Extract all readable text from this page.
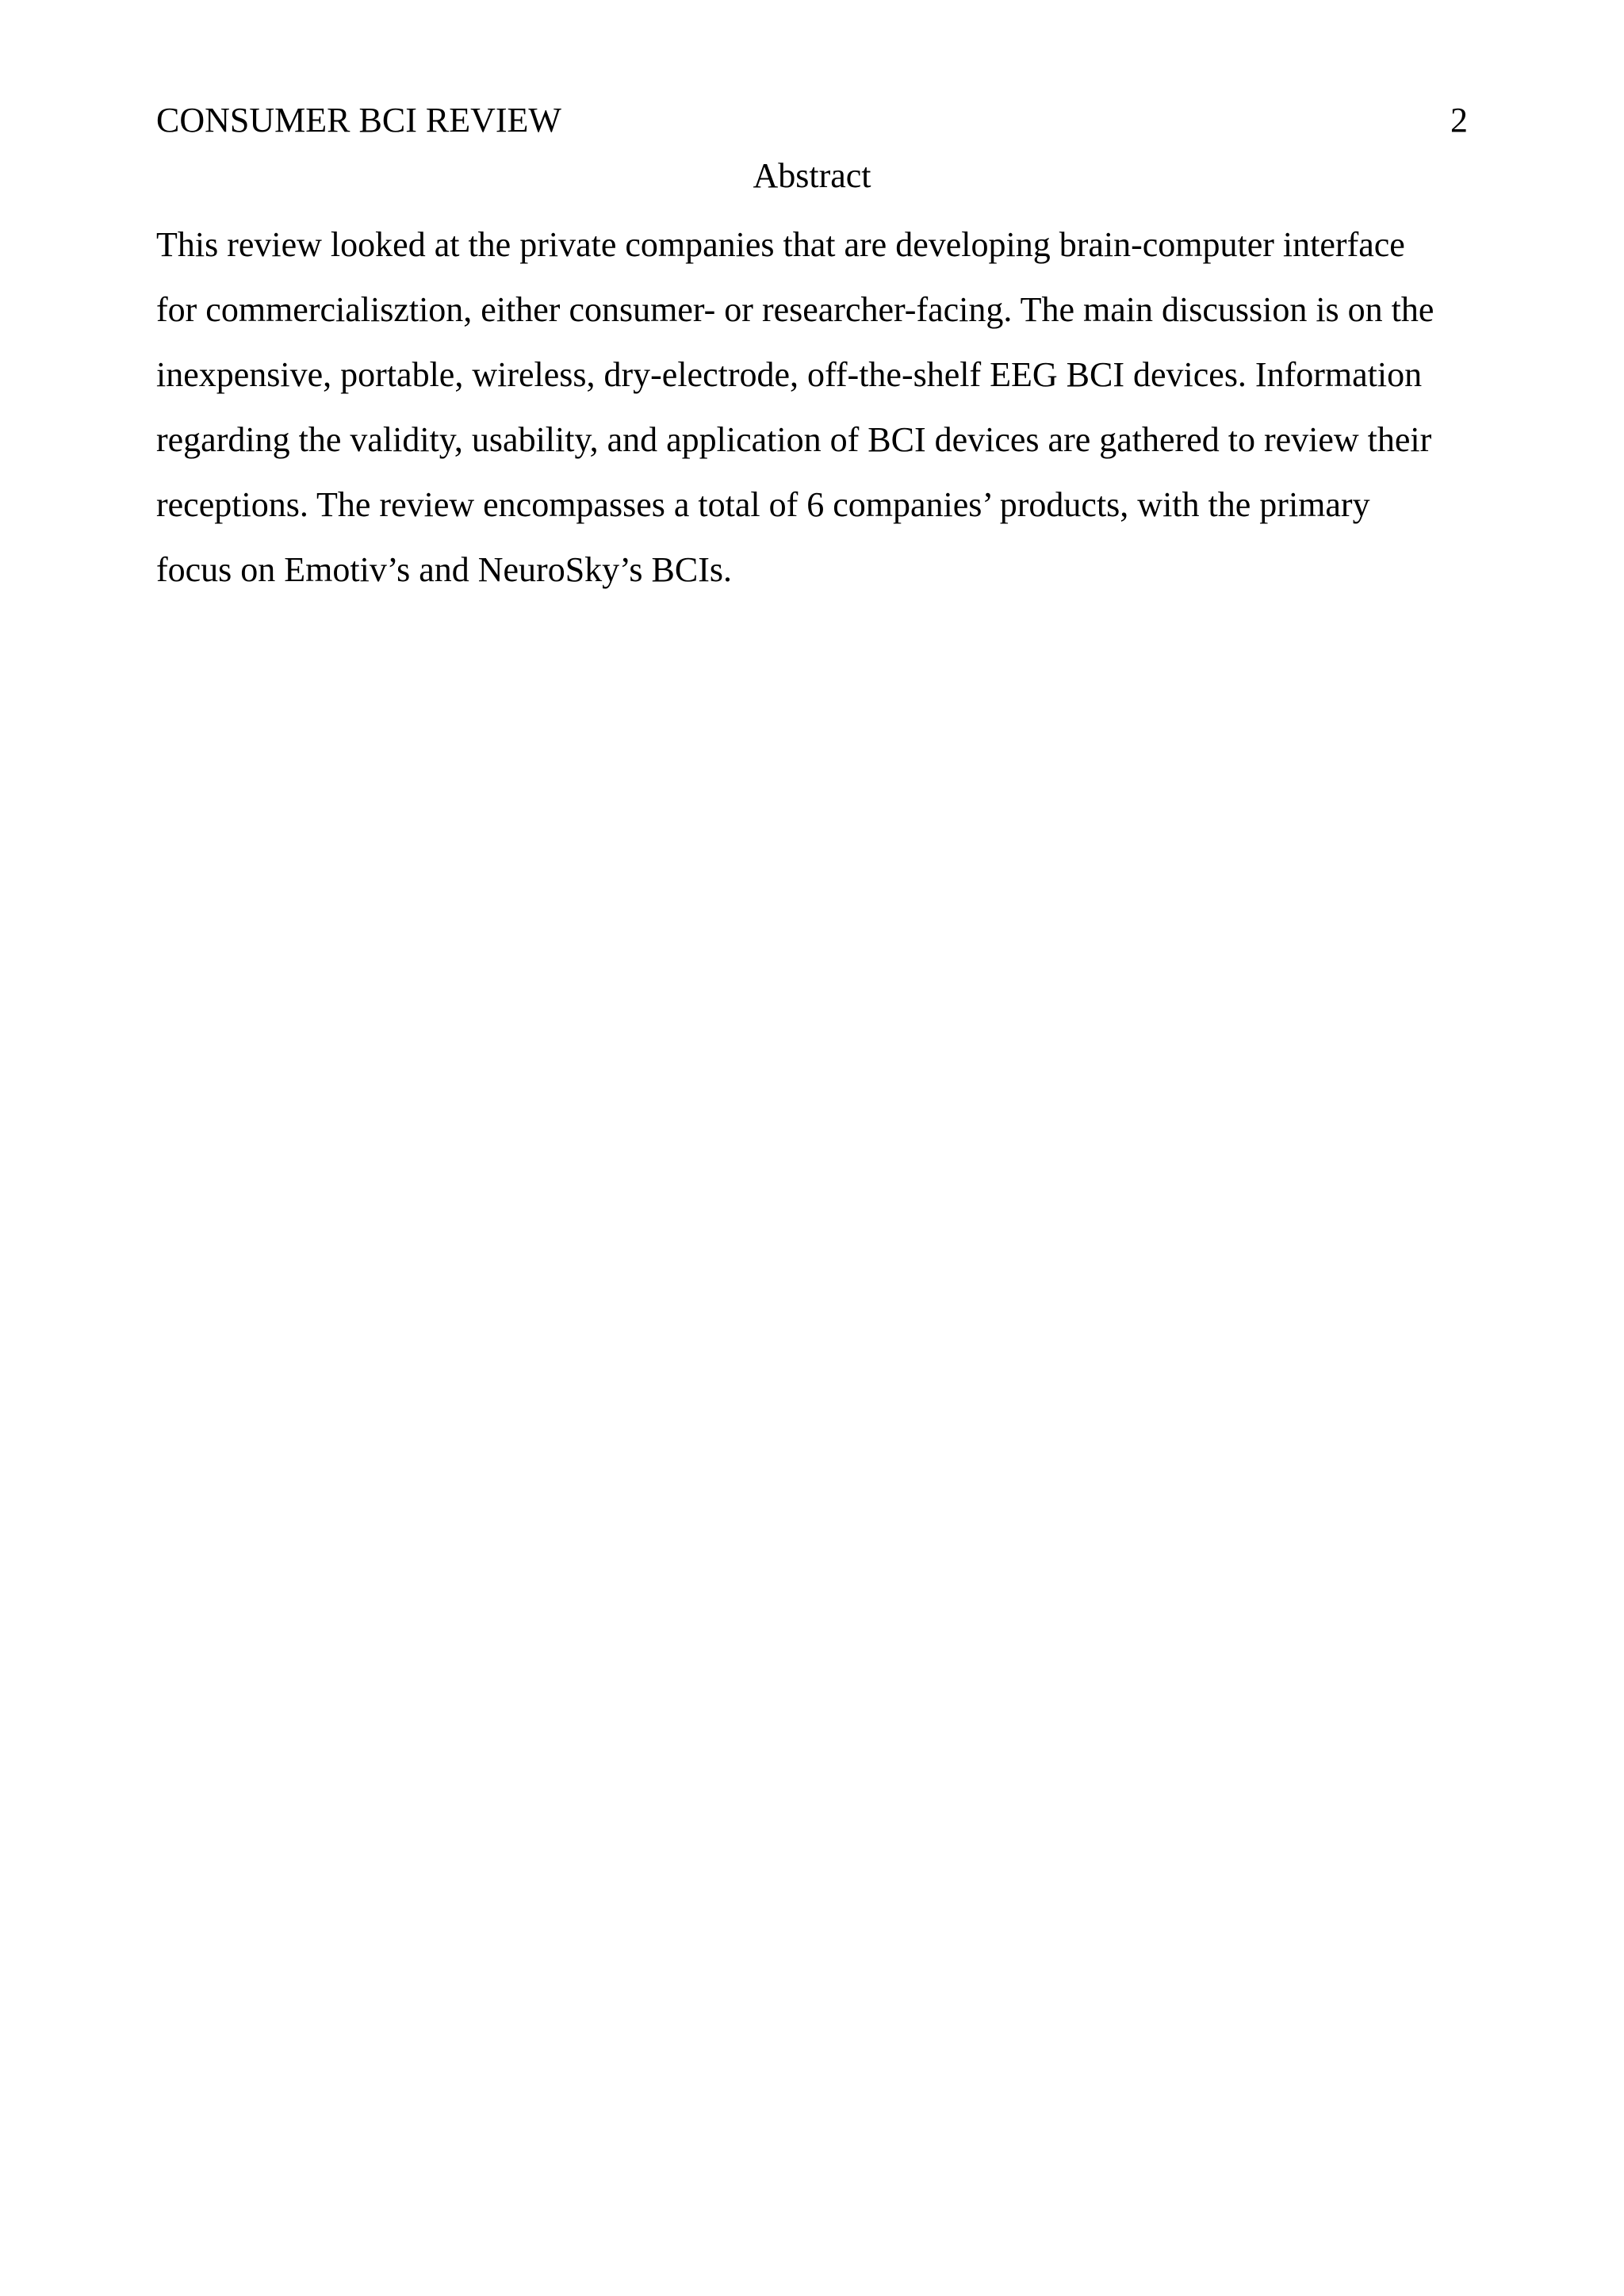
CONSUMER BCI REVIEW	2
Abstract

This review looked at the private companies that are developing brain-computer interface
for commercialisztion, either consumer- or researcher-facing. The main discussion is on the
inexpensive, portable, wireless, dry-electrode, off-the-shelf EEG BCI devices. Information
regarding the validity, usability, and application of BCI devices are gathered to review their
receptions. The review encompasses a total of 6 companies’ products, with the primary
focus on Emotiv’s and NeuroSky’s BCIs.
